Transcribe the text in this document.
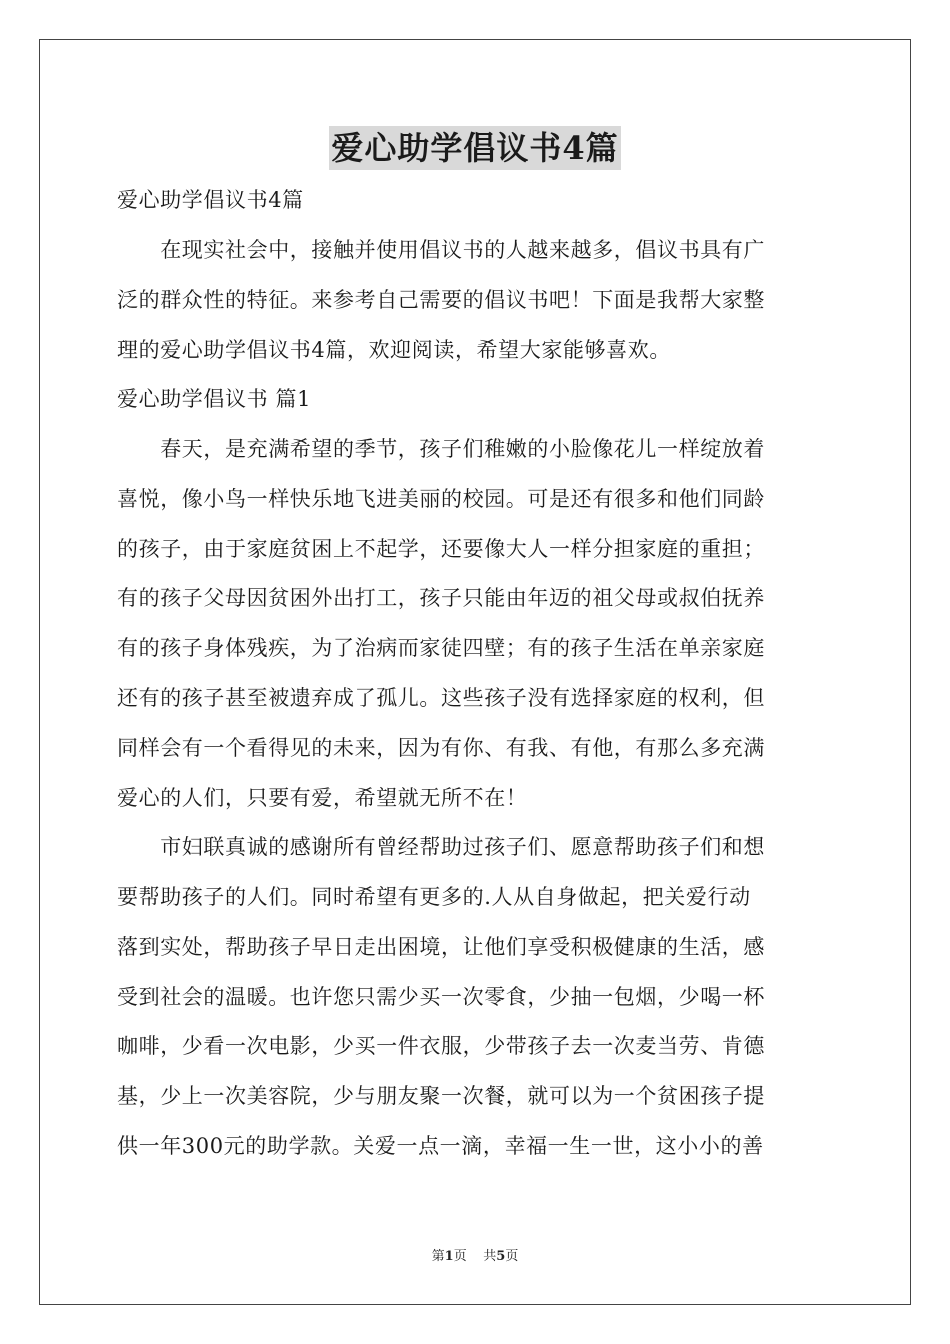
爱心助学倡议书4篇
爱心助学倡议书4篇
　　在现实社会中，接触并使用倡议书的人越来越多，倡议书具有广
泛的群众性的特征。来参考自己需要的倡议书吧！下面是我帮大家整
理的爱心助学倡议书4篇，欢迎阅读，希望大家能够喜欢。
爱心助学倡议书 篇1
　　春天，是充满希望的季节，孩子们稚嫩的小脸像花儿一样绽放着
喜悦，像小鸟一样快乐地飞进美丽的校园。可是还有很多和他们同龄
的孩子，由于家庭贫困上不起学，还要像大人一样分担家庭的重担；
有的孩子父母因贫困外出打工，孩子只能由年迈的祖父母或叔伯抚养
有的孩子身体残疾，为了治病而家徒四壁；有的孩子生活在单亲家庭
还有的孩子甚至被遗弃成了孤儿。这些孩子没有选择家庭的权利，但
同样会有一个看得见的未来，因为有你、有我、有他，有那么多充满
爱心的人们，只要有爱，希望就无所不在！
　　市妇联真诚的感谢所有曾经帮助过孩子们、愿意帮助孩子们和想
要帮助孩子的人们。同时希望有更多的.人从自身做起，把关爱行动
落到实处，帮助孩子早日走出困境，让他们享受积极健康的生活，感
受到社会的温暖。也许您只需少买一次零食，少抽一包烟，少喝一杯
咖啡，少看一次电影，少买一件衣服，少带孩子去一次麦当劳、肯德
基，少上一次美容院，少与朋友聚一次餐，就可以为一个贫困孩子提
供一年300元的助学款。关爱一点一滴，幸福一生一世，这小小的善
第1页 共5页
